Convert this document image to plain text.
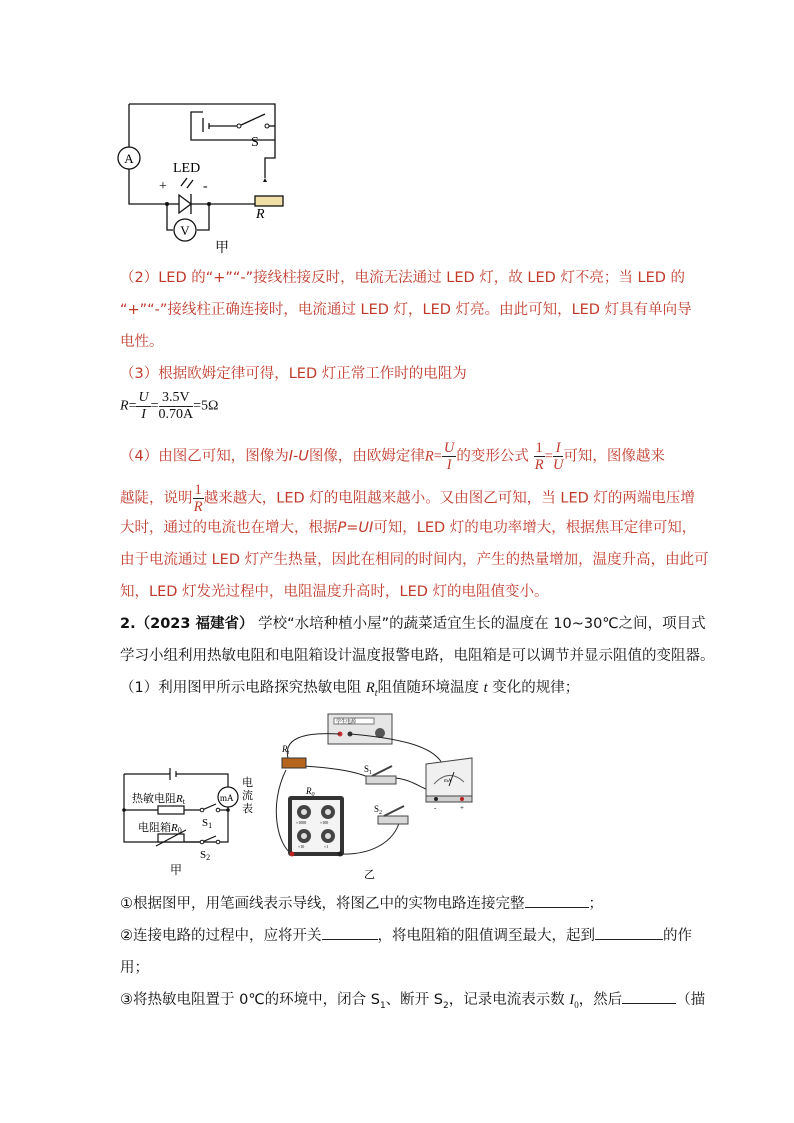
A
S
LED
+	-
V
R
甲
（2）LED 的“+”“-”接线柱接反时，电流无法通过 LED 灯，故 LED 灯不亮；当 LED 的
“+”“-”接线柱正确连接时，电流通过 LED 灯，LED 灯亮。由此可知，LED 灯具有单向导
电性。
（3）根据欧姆定律可得，LED 灯正常工作时的电阻为
$R= \frac{U}{I} = \frac{3.5V}{0.70A} =5\Omega$
（4）由图乙可知，图像为I-U图像，由欧姆定律$R= \frac{U}{I}$ 的变形公式 $\frac{1}{R} = \frac{I}{U}$ 可知，图像越来
越陡，说明 $\frac{1}{R}$ 越来越大，LED 灯的电阻越来越小。又由图乙可知，当 LED 灯的两端电压增
大时，通过的电流也在增大，根据P=UI可知，LED 灯的电功率增大，根据焦耳定律可知，
由于电流通过 LED 灯产生热量，因此在相同的时间内，产生的热量增加，温度升高，由此可
知，LED 灯发光过程中，电阻温度升高时，LED 灯的电阻值变小。
2.（2023 福建省） 学校“水培种植小屋”的蔬菜适宜生长的温度在 10~30℃之间，项目式
学习小组利用热敏电阻和电阻箱设计温度报警电路，电阻箱是可以调节并显示阻值的变阻器。
（1）利用图甲所示电路探究热敏电阻 $R_t$阻值随环境温度 t 变化的规律；
mA
电
流
表
热敏电阻Rt
电阻箱R0
S1
S2
甲
学生电源
$R_t$
$S_1$
$S_2$
×1000	×100
×10	×1
$R_0$
mA
-	+
乙
①根据图甲，用笔画线表示导线，将图乙中的实物电路连接完整	；
②连接电路的过程中，应将开关	，将电阻箱的阻值调至最大，起到	的作
用；
③将热敏电阻置于 0℃的环境中，闭合 $S_1$、断开 $S_2$，记录电流表示数 $I_0$，然后	（描
